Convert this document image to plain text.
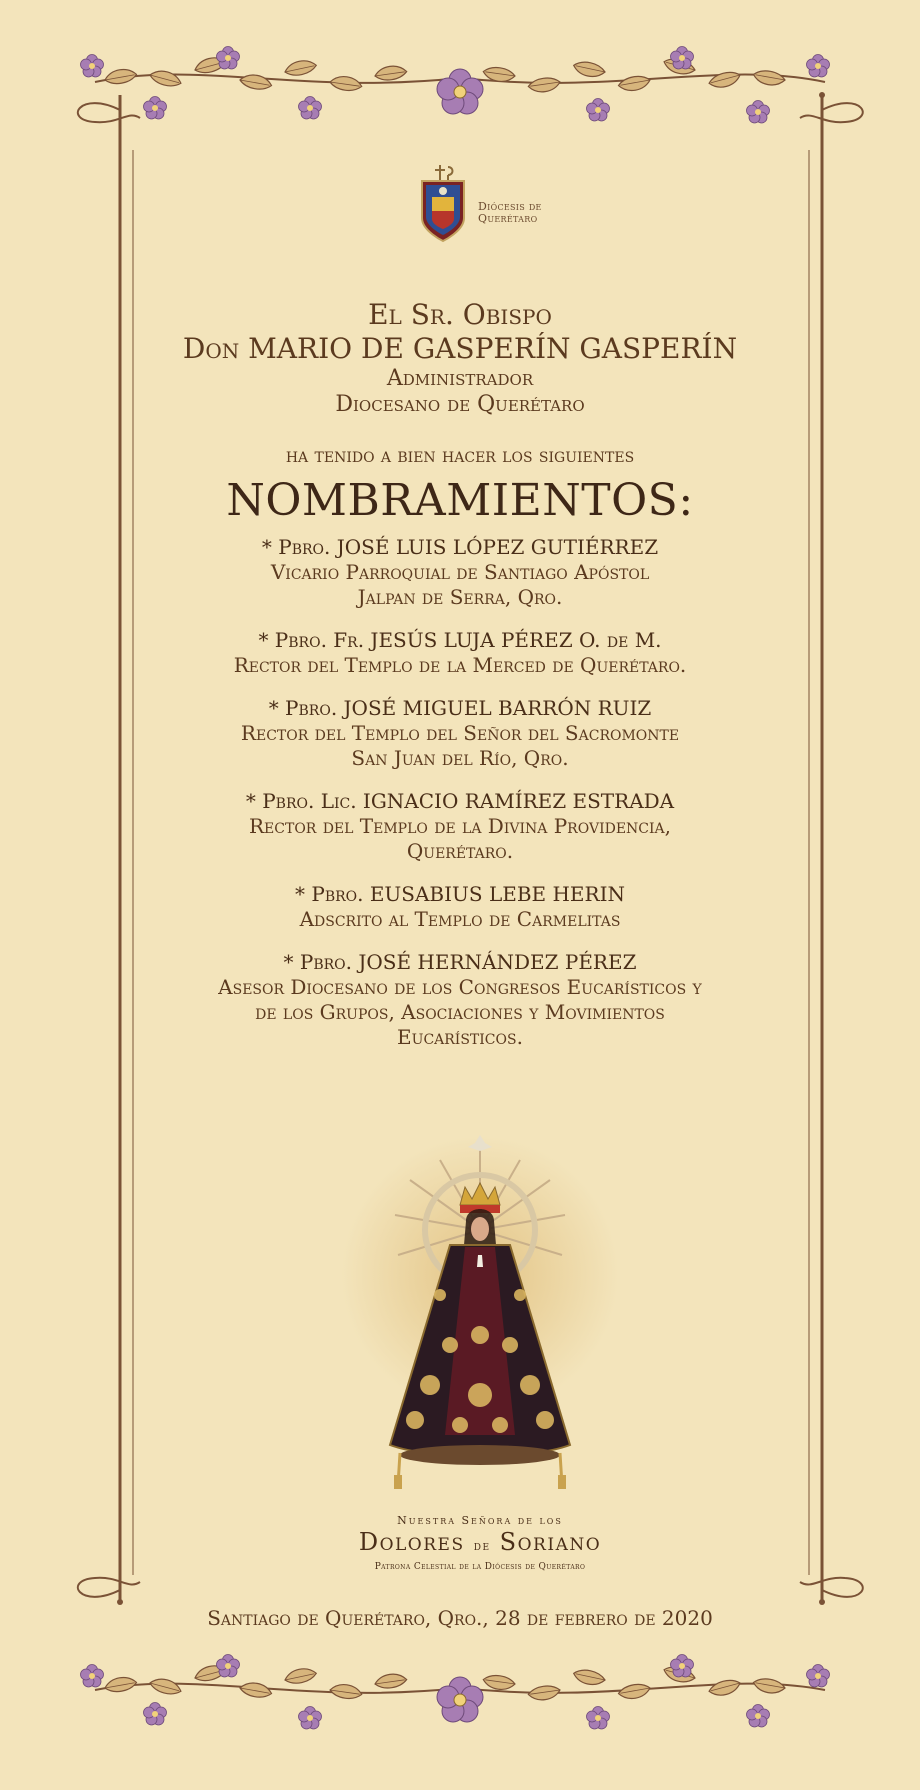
Diócesis de
Querétaro
El Sr. Obispo
Don MARIO DE GASPERÍN GASPERÍN
Administrador
Diocesano de Querétaro
ha tenido a bien hacer los siguientes
NOMBRAMIENTOS:
* Pbro. JOSÉ LUIS LÓPEZ GUTIÉRREZ
Vicario Parroquial de Santiago Apóstol
Jalpan de Serra, Qro.
* Pbro. Fr. JESÚS LUJA PÉREZ O. de M.
Rector del Templo de la Merced de Querétaro.
* Pbro. JOSÉ MIGUEL BARRÓN RUIZ
Rector del Templo del Señor del Sacromonte
San Juan del Río, Qro.
* Pbro. Lic. IGNACIO RAMÍREZ ESTRADA
Rector del Templo de la Divina Providencia,
Querétaro.
* Pbro. EUSABIUS LEBE HERIN
Adscrito al Templo de Carmelitas
* Pbro. JOSÉ HERNÁNDEZ PÉREZ
Asesor Diocesano de los Congresos Eucarísticos y
de los Grupos, Asociaciones y Movimientos
Eucarísticos.
Nuestra Señora de los
Dolores de Soriano
Patrona Celestial de la Diócesis de Querétaro
Santiago de Querétaro, Qro., 28 de febrero de 2020
